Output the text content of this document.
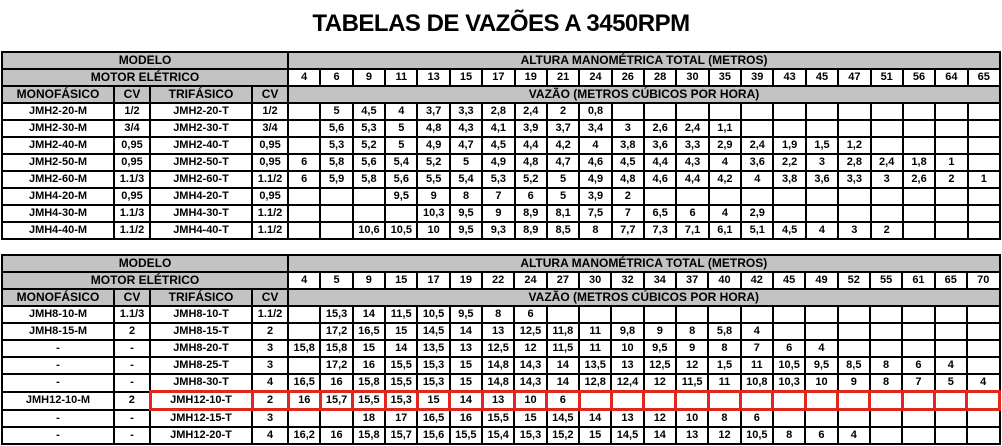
TABELAS DE VAZÕES A 3450RPM
MODELO				ALTURA MANOMÉTRICA TOTAL (METROS)																					
MOTOR ELÉTRICO				4	6	9	11	13	15	17	19	21	24	26	28	30	35	39	43	45	47	51	56	64	65
MONOFÁSICO	CV	TRIFÁSICO	CV	VAZÃO (METROS CÚBICOS POR HORA)																					
JMH2-20-M	1/2	JMH2-20-T	1/2		5	4,5	4	3,7	3,3	2,8	2,4	2	0,8												
JMH2-30-M	3/4	JMH2-30-T	3/4		5,6	5,3	5	4,8	4,3	4,1	3,9	3,7	3,4	3	2,6	2,4	1,1								
JMH2-40-M	0,95	JMH2-40-T	0,95		5,3	5,2	5	4,9	4,7	4,5	4,4	4,2	4	3,8	3,6	3,3	2,9	2,4	1,9	1,5	1,2				
JMH2-50-M	0,95	JMH2-50-T	0,95	6	5,8	5,6	5,4	5,2	5	4,9	4,8	4,7	4,6	4,5	4,4	4,3	4	3,6	2,2	3	2,8	2,4	1,8	1	
JMH2-60-M	1.1/3	JMH2-60-T	1.1/2	6	5,9	5,8	5,6	5,5	5,4	5,3	5,2	5	4,9	4,8	4,6	4,4	4,2	4	3,8	3,6	3,3	3	2,6	2	1
JMH4-20-M	0,95	JMH4-20-T	0,95				9,5	9	8	7	6	5	3,9	2											
JMH4-30-M	1.1/3	JMH4-30-T	1.1/2					10,3	9,5	9	8,9	8,1	7,5	7	6,5	6	4	2,9							
JMH4-40-M	1.1/2	JMH4-40-T	1.1/2			10,6	10,5	10	9,5	9,3	8,9	8,5	8	7,7	7,3	7,1	6,1	5,1	4,5	4	3	2			
MODELO				ALTURA MANOMÉTRICA TOTAL (METROS)																					
MOTOR ELÉTRICO				4	5	9	15	17	19	22	24	27	30	32	34	37	40	42	45	49	52	55	61	65	70
MONOFÁSICO	CV	TRIFÁSICO	CV	VAZÃO (METROS CÚBICOS POR HORA)																					
JMH8-10-M	1.1/3	JMH8-10-T	1.1/2		15,3	14	11,5	10,5	9,5	8	6														
JMH8-15-M	2	JMH8-15-T	2		17,2	16,5	15	14,5	14	13	12,5	11,8	11	9,8	9	8	5,8	4							
-	-	JMH8-20-T	3	15,8	15,8	15	14	13,5	13	12,5	12	11,5	11	10	9,5	9	8	7	6	4					
-	-	JMH8-25-T	3		17,2	16	15,5	15,3	15	14,8	14,3	14	13,5	13	12,5	12	1,5	11	10,5	9,5	8,5	8	6	4	
-	-	JMH8-30-T	4	16,5	16	15,8	15,5	15,3	15	14,8	14,3	14	12,8	12,4	12	11,5	11	10,8	10,3	10	9	8	7	5	4
JMH12-10-M	2	JMH12-10-T	2	16	15,7	15,5	15,3	15	14	13	10	6													
-	-	JMH12-15-T	3			18	17	16,5	16	15,5	15	14,5	14	13	12	10	8	6							
-	-	JMH12-20-T	4	16,2	16	15,8	15,7	15,6	15,5	15,4	15,3	15,2	15	14,5	14	13	12	10,5	8	6	4				
